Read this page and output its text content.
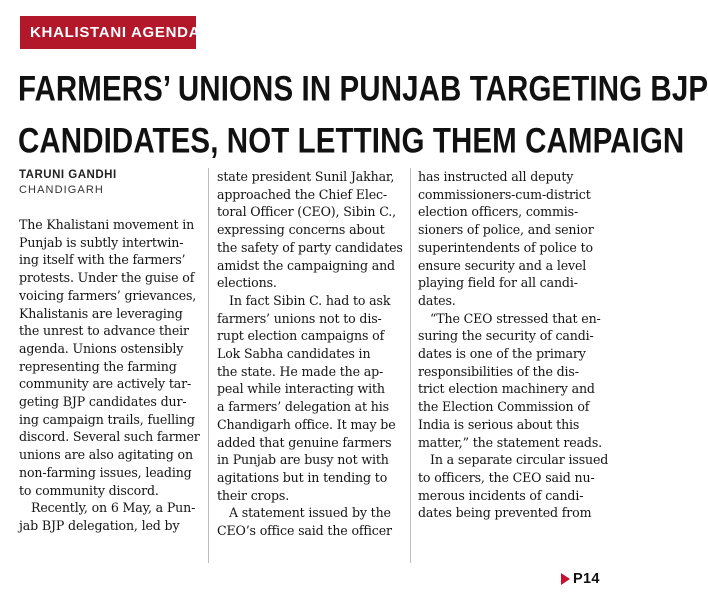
KHALISTANI AGENDA?
FARMERS’ UNIONS IN PUNJAB TARGETING BJP
CANDIDATES, NOT LETTING THEM CAMPAIGN
TARUNI GANDHI
CHANDIGARH
The Khalistani movement in
Punjab is subtly intertwin-
ing itself with the farmers’
protests. Under the guise of
voicing farmers’ grievances,
Khalistanis are leveraging
the unrest to advance their
agenda. Unions ostensibly
representing the farming
community are actively tar-
geting BJP candidates dur-
ing campaign trails, fuelling
discord. Several such farmer
unions are also agitating on
non-farming issues, leading
to community discord.
Recently, on 6 May, a Pun-
jab BJP delegation, led by
state president Sunil Jakhar,
approached the Chief Elec-
toral Officer (CEO), Sibin C.,
expressing concerns about
the safety of party candidates
amidst the campaigning and
elections.
In fact Sibin C. had to ask
farmers’ unions not to dis-
rupt election campaigns of
Lok Sabha candidates in
the state. He made the ap-
peal while interacting with
a farmers’ delegation at his
Chandigarh office. It may be
added that genuine farmers
in Punjab are busy not with
agitations but in tending to
their crops.
A statement issued by the
CEO’s office said the officer
has instructed all deputy
commissioners-cum-district
election officers, commis-
sioners of police, and senior
superintendents of police to
ensure security and a level
playing field for all candi-
dates.
“The CEO stressed that en-
suring the security of candi-
dates is one of the primary
responsibilities of the dis-
trict election machinery and
the Election Commission of
India is serious about this
matter,” the statement reads.
In a separate circular issued
to officers, the CEO said nu-
merous incidents of candi-
dates being prevented from
P14
